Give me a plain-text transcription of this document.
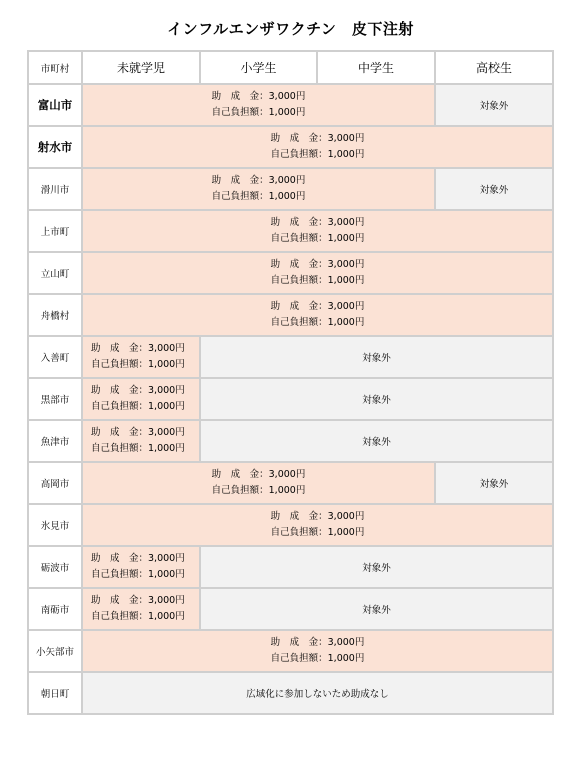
インフルエンザワクチン　皮下注射
市町村	未就学児	小学生	中学生	高校生
富山市	助　成　金：3,000円
自己負担額：1,000円			対象外
射水市	助　成　金：3,000円
自己負担額：1,000円			

滑川市	助　成　金：3,000円
自己負担額：1,000円			対象外
上市町	助　成　金：3,000円
自己負担額：1,000円			

立山町	助　成　金：3,000円
自己負担額：1,000円			

舟橋村	助　成　金：3,000円
自己負担額：1,000円			

入善町	助　成　金：3,000円
自己負担額：1,000円	対象外		
黒部市	助　成　金：3,000円
自己負担額：1,000円	対象外		
魚津市	助　成　金：3,000円
自己負担額：1,000円	対象外		
高岡市	助　成　金：3,000円
自己負担額：1,000円			対象外
氷見市	助　成　金：3,000円
自己負担額：1,000円			

砺波市	助　成　金：3,000円
自己負担額：1,000円	対象外		
南砺市	助　成　金：3,000円
自己負担額：1,000円	対象外		
小矢部市	助　成　金：3,000円
自己負担額：1,000円			

朝日町	広域化に参加しないため助成なし			
